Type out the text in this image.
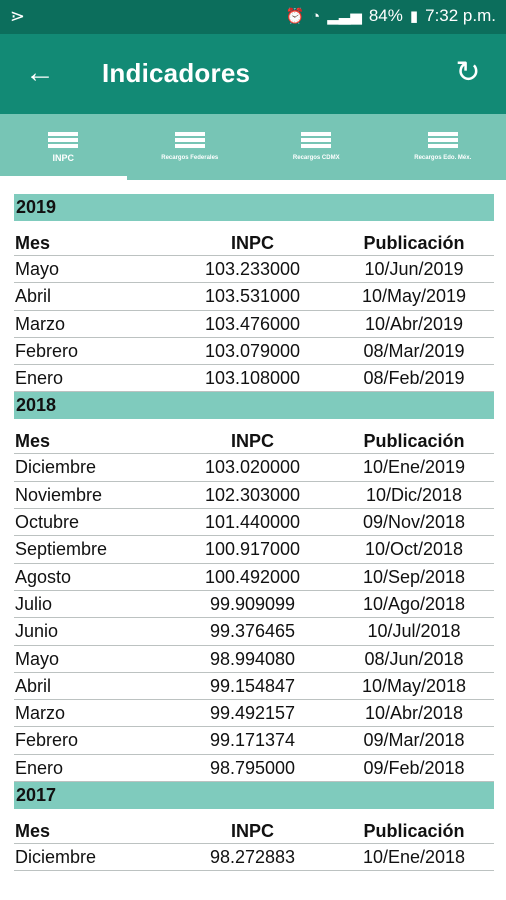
⋗	⏰ ◔ ▂▃▅ 84% ▮ 7:32 p.m.
← Indicadores	↻
INPC	Recargos Federales	Recargos CDMX	Recargos Edo. Méx.
2019
Mes	INPC	Publicación
Mayo	103.233000	10/Jun/2019
Abril	103.531000	10/May/2019
Marzo	103.476000	10/Abr/2019
Febrero	103.079000	08/Mar/2019
Enero	103.108000	08/Feb/2019
2018
Mes	INPC	Publicación
Diciembre	103.020000	10/Ene/2019
Noviembre	102.303000	10/Dic/2018
Octubre	101.440000	09/Nov/2018
Septiembre	100.917000	10/Oct/2018
Agosto	100.492000	10/Sep/2018
Julio	99.909099	10/Ago/2018
Junio	99.376465	10/Jul/2018
Mayo	98.994080	08/Jun/2018
Abril	99.154847	10/May/2018
Marzo	99.492157	10/Abr/2018
Febrero	99.171374	09/Mar/2018
Enero	98.795000	09/Feb/2018
2017
Mes	INPC	Publicación
Diciembre	98.272883	10/Ene/2018
